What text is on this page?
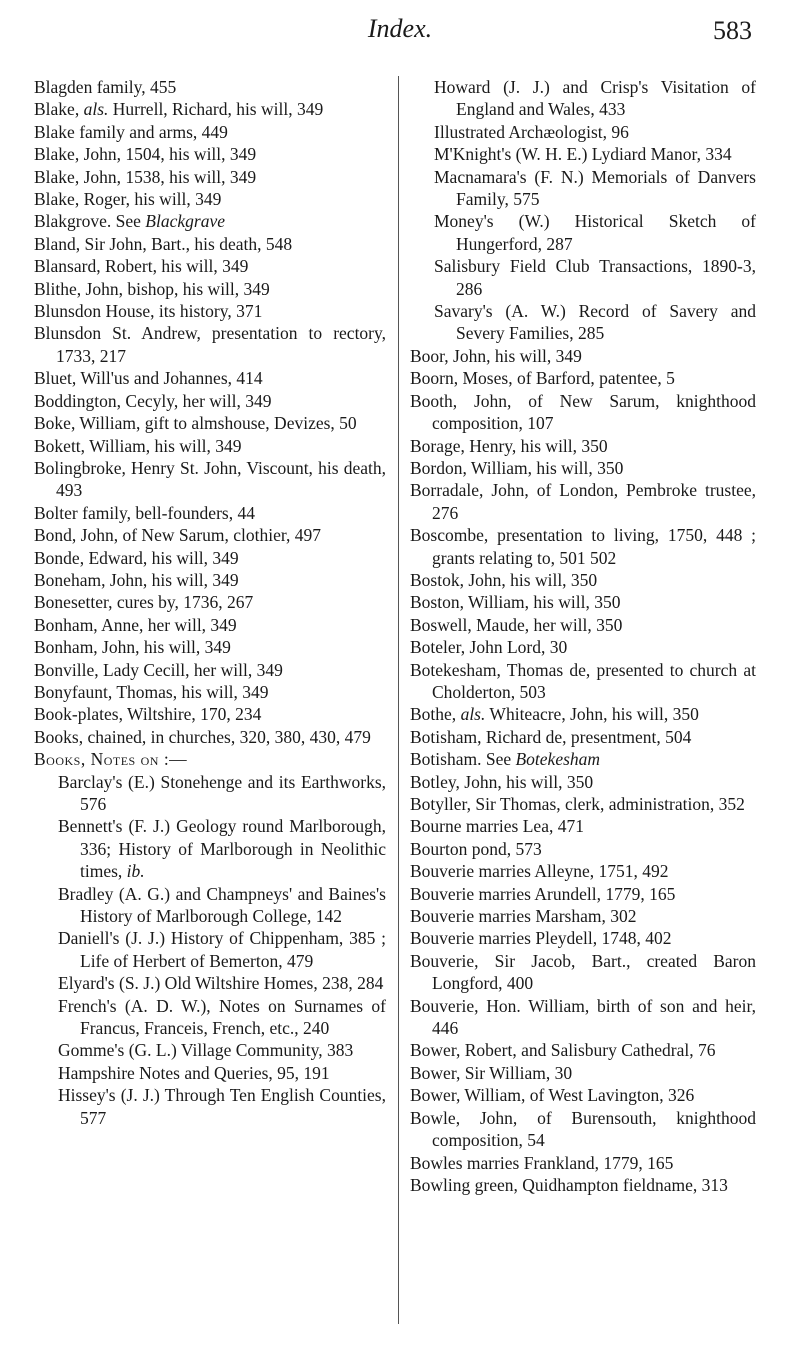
Index.	583
Blagden family, 455
Blake, als. Hurrell, Richard, his will, 349
Blake family and arms, 449
Blake, John, 1504, his will, 349
Blake, John, 1538, his will, 349
Blake, Roger, his will, 349
Blakgrove. See Blackgrave
Bland, Sir John, Bart., his death, 548
Blansard, Robert, his will, 349
Blithe, John, bishop, his will, 349
Blunsdon House, its history, 371
Blunsdon St. Andrew, presentation to rectory, 1733, 217
Bluet, Will'us and Johannes, 414
Boddington, Cecyly, her will, 349
Boke, William, gift to almshouse, Devizes, 50
Bokett, William, his will, 349
Bolingbroke, Henry St. John, Viscount, his death, 493
Bolter family, bell-founders, 44
Bond, John, of New Sarum, clothier, 497
Bonde, Edward, his will, 349
Boneham, John, his will, 349
Bonesetter, cures by, 1736, 267
Bonham, Anne, her will, 349
Bonham, John, his will, 349
Bonville, Lady Cecill, her will, 349
Bonyfaunt, Thomas, his will, 349
Book-plates, Wiltshire, 170, 234
Books, chained, in churches, 320, 380, 430, 479
Books, Notes on :—
Barclay's (E.) Stonehenge and its Earthworks, 576
Bennett's (F. J.) Geology round Marlborough, 336; History of Marlborough in Neolithic times, ib.
Bradley (A. G.) and Champneys' and Baines's History of Marlborough College, 142
Daniell's (J. J.) History of Chippenham, 385 ; Life of Herbert of Bemerton, 479
Elyard's (S. J.) Old Wiltshire Homes, 238, 284
French's (A. D. W.), Notes on Surnames of Francus, Franceis, French, etc., 240
Gomme's (G. L.) Village Community, 383
Hampshire Notes and Queries, 95, 191
Hissey's (J. J.) Through Ten English Counties, 577
Howard (J. J.) and Crisp's Visitation of England and Wales, 433
Illustrated Archæologist, 96
M'Knight's (W. H. E.) Lydiard Manor, 334
Macnamara's (F. N.) Memorials of Danvers Family, 575
Money's (W.) Historical Sketch of Hungerford, 287
Salisbury Field Club Transactions, 1890-3, 286
Savary's (A. W.) Record of Savery and Severy Families, 285
Boor, John, his will, 349
Boorn, Moses, of Barford, patentee, 5
Booth, John, of New Sarum, knighthood composition, 107
Borage, Henry, his will, 350
Bordon, William, his will, 350
Borradale, John, of London, Pembroke trustee, 276
Boscombe, presentation to living, 1750, 448 ; grants relating to, 501 502
Bostok, John, his will, 350
Boston, William, his will, 350
Boswell, Maude, her will, 350
Boteler, John Lord, 30
Botekesham, Thomas de, presented to church at Cholderton, 503
Bothe, als. Whiteacre, John, his will, 350
Botisham, Richard de, presentment, 504
Botisham. See Botekesham
Botley, John, his will, 350
Botyller, Sir Thomas, clerk, administration, 352
Bourne marries Lea, 471
Bourton pond, 573
Bouverie marries Alleyne, 1751, 492
Bouverie marries Arundell, 1779, 165
Bouverie marries Marsham, 302
Bouverie marries Pleydell, 1748, 402
Bouverie, Sir Jacob, Bart., created Baron Longford, 400
Bouverie, Hon. William, birth of son and heir, 446
Bower, Robert, and Salisbury Cathedral, 76
Bower, Sir William, 30
Bower, William, of West Lavington, 326
Bowle, John, of Burensouth, knighthood composition, 54
Bowles marries Frankland, 1779, 165
Bowling green, Quidhampton fieldname, 313
